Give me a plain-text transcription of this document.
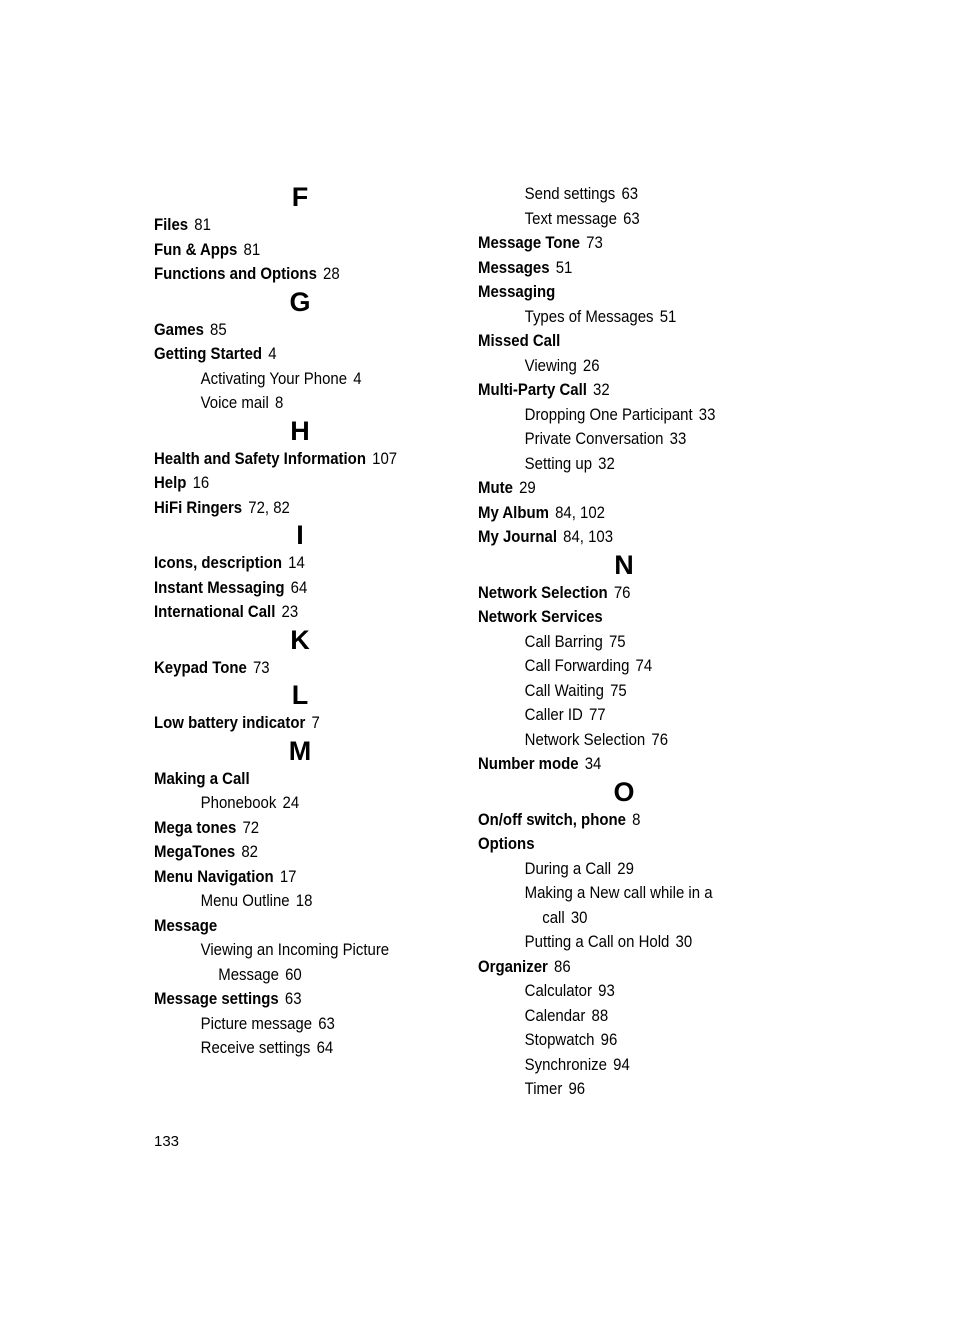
F
Files 81
Fun & Apps 81
Functions and Options 28
G
Games 85
Getting Started 4
Activating Your Phone 4
Voice mail 8
H
Health and Safety Information 107
Help 16
HiFi Ringers 72, 82
I
Icons, description 14
Instant Messaging 64
International Call 23
K
Keypad Tone 73
L
Low battery indicator 7
M
Making a Call
Phonebook 24
Mega tones 72
MegaTones 82
Menu Navigation 17
Menu Outline 18
Message
Viewing an Incoming Picture
Message 60
Message settings 63
Picture message 63
Receive settings 64
Send settings 63
Text message 63
Message Tone 73
Messages 51
Messaging
Types of Messages 51
Missed Call
Viewing 26
Multi-Party Call 32
Dropping One Participant 33
Private Conversation 33
Setting up 32
Mute 29
My Album 84, 102
My Journal 84, 103
N
Network Selection 76
Network Services
Call Barring 75
Call Forwarding 74
Call Waiting 75
Caller ID 77
Network Selection 76
Number mode 34
O
On/off switch, phone 8
Options
During a Call 29
Making a New call while in a
call 30
Putting a Call on Hold 30
Organizer 86
Calculator 93
Calendar 88
Stopwatch 96
Synchronize 94
Timer 96
133
